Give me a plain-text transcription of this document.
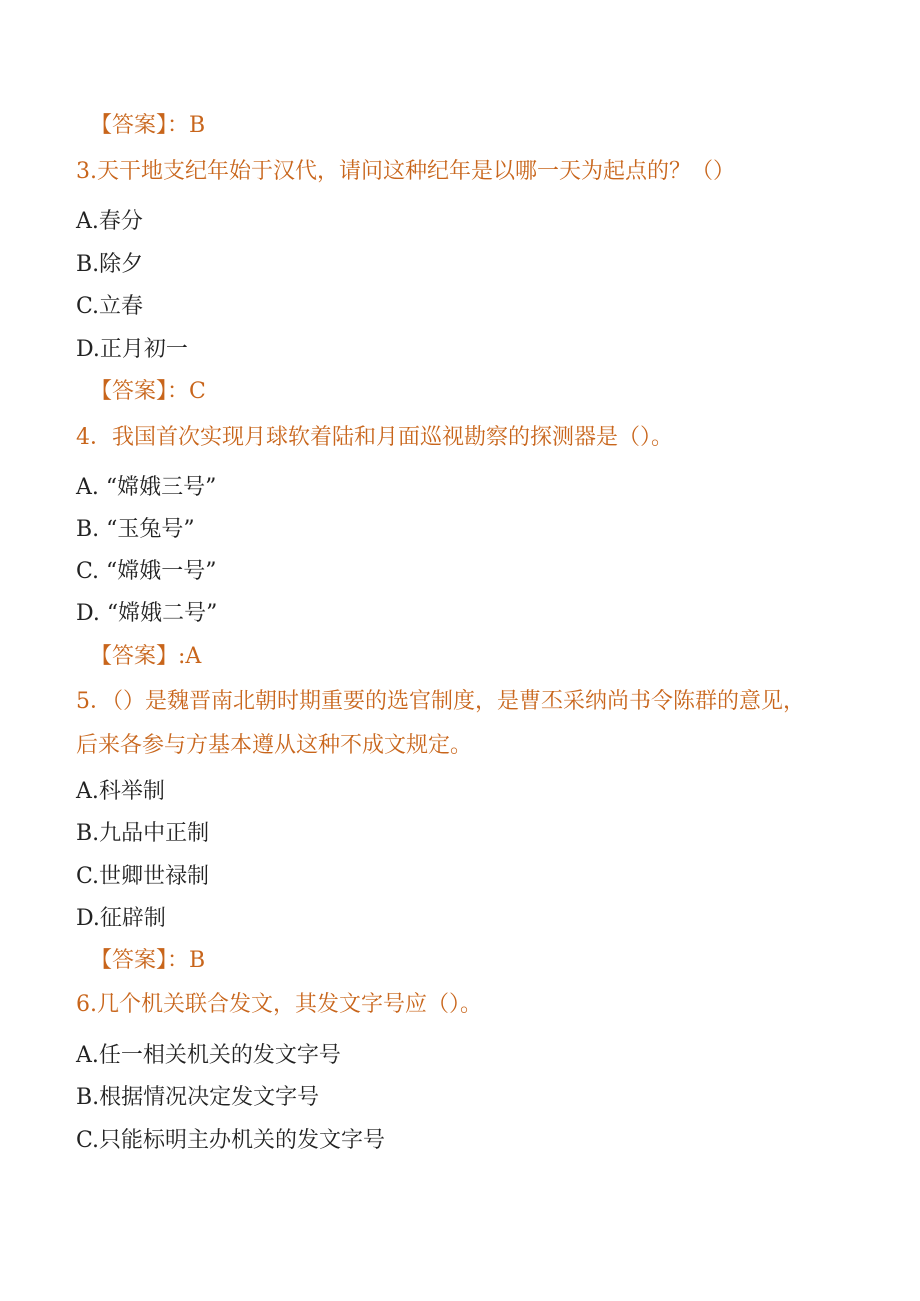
【答案】：B
3.天干地支纪年始于汉代，请问这种纪年是以哪一天为起点的？（）
A.春分
B.除夕
C.立春
D.正月初一
【答案】：C
4．我国首次实现月球软着陆和月面巡视勘察的探测器是（）。
A. “嫦娥三号”
B. “玉兔号”
C. “嫦娥一号”
D. “嫦娥二号”
【答案】:A
5．（）是魏晋南北朝时期重要的选官制度，是曹丕采纳尚书令陈群的意见，
后来各参与方基本遵从这种不成文规定。
A.科举制
B.九品中正制
C.世卿世禄制
D.征辟制
【答案】：B
6.几个机关联合发文，其发文字号应（）。
A.任一相关机关的发文字号
B.根据情况决定发文字号
C.只能标明主办机关的发文字号
